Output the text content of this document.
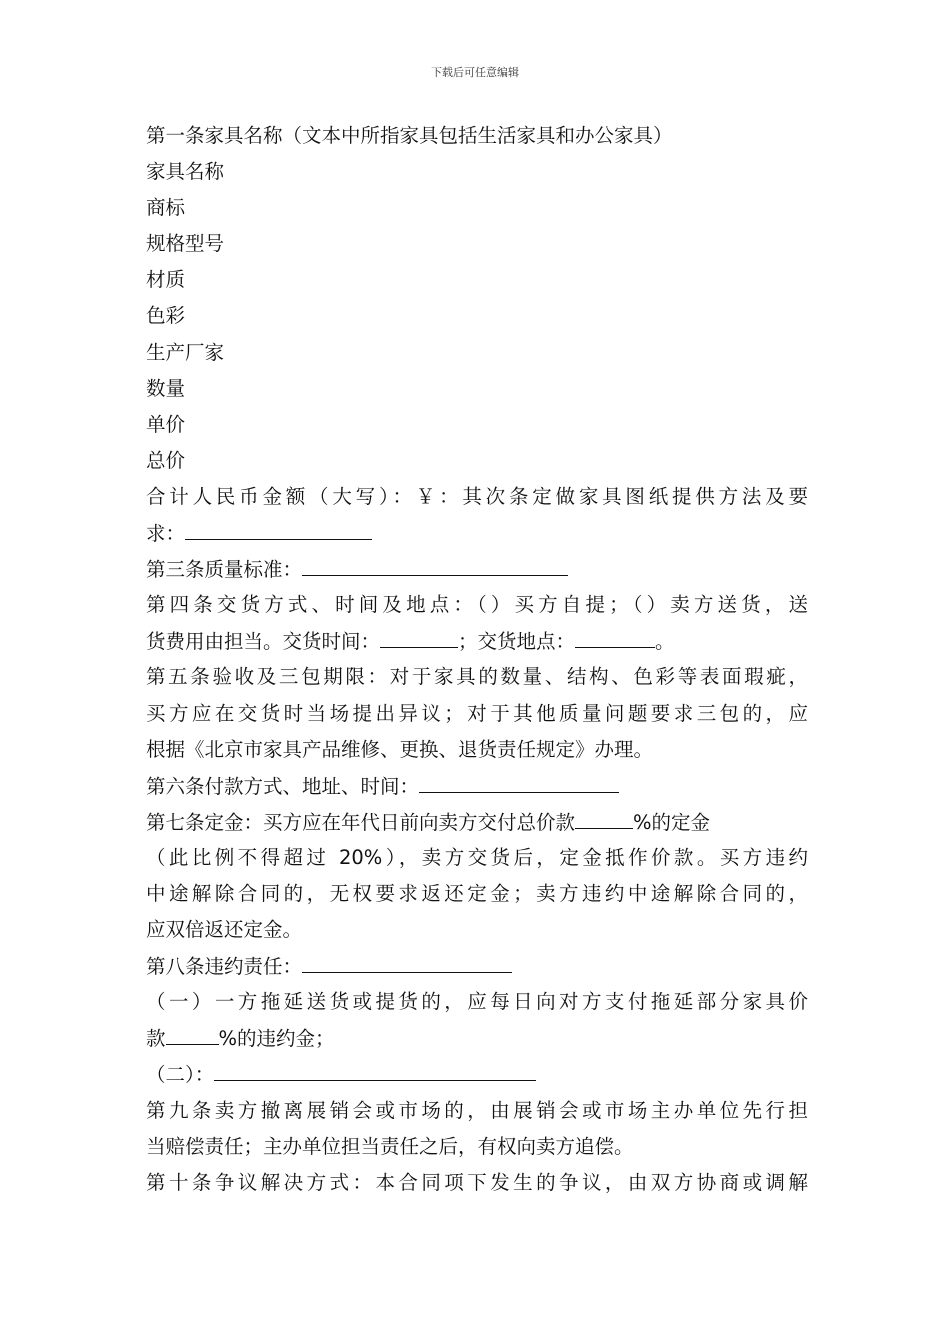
下载后可任意编辑
第一条家具名称（文本中所指家具包括生活家具和办公家具）
家具名称
商标
规格型号
材质
色彩
生产厂家
数量
单价
总价
合计人民币金额（大写）：￥：其次条定做家具图纸提供方法及要
求：
第三条质量标准：
第四条交货方式、时间及地点：（）买方自提；（）卖方送货，送
货费用由担当。交货时间：	；交货地点：	。
第五条验收及三包期限：对于家具的数量、结构、色彩等表面瑕疵，
买方应在交货时当场提出异议；对于其他质量问题要求三包的，应
根据《北京市家具产品维修、更换、退货责任规定》办理。
第六条付款方式、地址、时间：
第七条定金：买方应在年代日前向卖方交付总价款	%的定金
（此比例不得超过 20%），卖方交货后，定金抵作价款。买方违约
中途解除合同的，无权要求返还定金；卖方违约中途解除合同的，
应双倍返还定金。
第八条违约责任：
（一）一方拖延送货或提货的，应每日向对方支付拖延部分家具价
款	%的违约金；
（二）：
第九条卖方撤离展销会或市场的，由展销会或市场主办单位先行担
当赔偿责任；主办单位担当责任之后，有权向卖方追偿。
第十条争议解决方式：本合同项下发生的争议，由双方协商或调解
